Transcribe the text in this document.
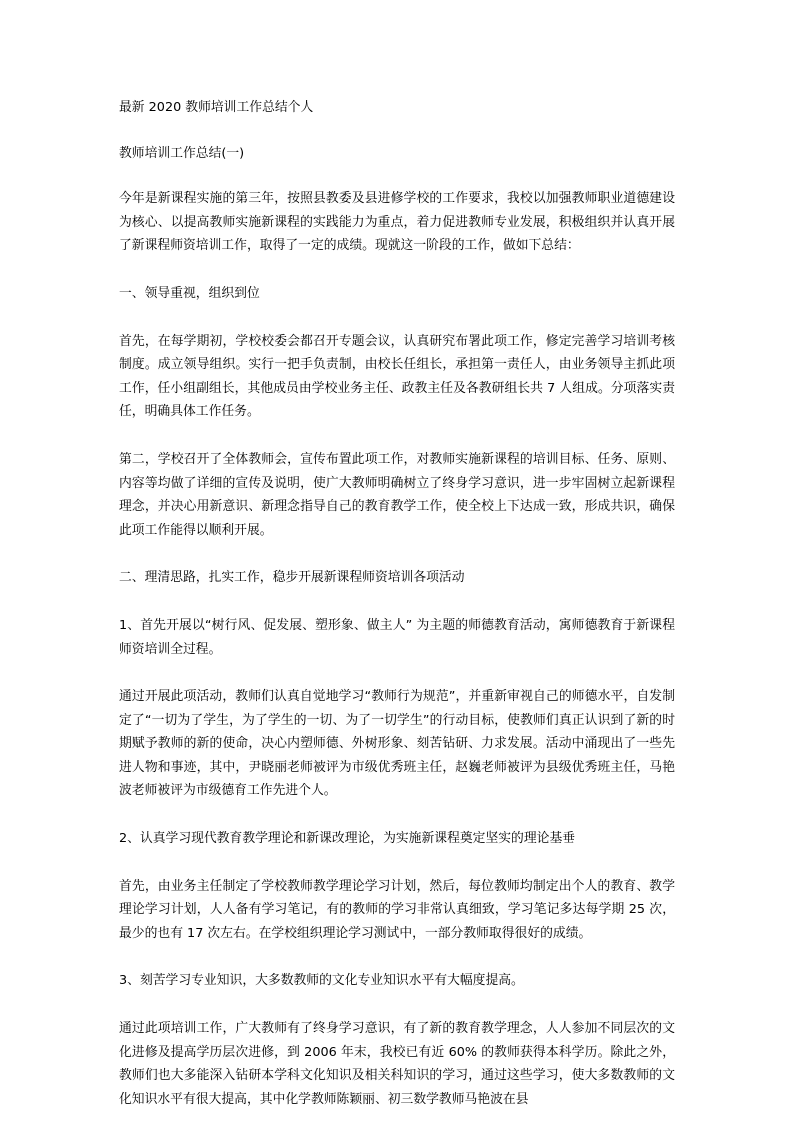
最新 2020 教师培训工作总结个人

教师培训工作总结(一)

今年是新课程实施的第三年，按照县教委及县进修学校的工作要求，我校以加强教师职业道德建设为核心、以提高教师实施新课程的实践能力为重点，着力促进教师专业发展，积极组织并认真开展了新课程师资培训工作，取得了一定的成绩。现就这一阶段的工作，做如下总结：

一、领导重视，组织到位

首先，在每学期初，学校校委会都召开专题会议，认真研究布署此项工作，修定完善学习培训考核制度。成立领导组织。实行一把手负责制，由校长任组长，承担第一责任人，由业务领导主抓此项工作，任小组副组长，其他成员由学校业务主任、政教主任及各教研组长共 7 人组成。分项落实责任，明确具体工作任务。

第二，学校召开了全体教师会，宣传布置此项工作，对教师实施新课程的培训目标、任务、原则、内容等均做了详细的宣传及说明，使广大教师明确树立了终身学习意识，进一步牢固树立起新课程理念，并决心用新意识、新理念指导自己的教育教学工作，使全校上下达成一致，形成共识，确保此项工作能得以顺利开展。

二、理清思路，扎实工作，稳步开展新课程师资培训各项活动

1、首先开展以“树行风、促发展、塑形象、做主人” 为主题的师德教育活动，寓师德教育于新课程师资培训全过程。

通过开展此项活动，教师们认真自觉地学习“教师行为规范”，并重新审视自己的师德水平，自发制定了“一切为了学生，为了学生的一切、为了一切学生”的行动目标，使教师们真正认识到了新的时期赋予教师的新的使命，决心内塑师德、外树形象、刻苦钻研、力求发展。活动中涌现出了一些先进人物和事迹，其中，尹晓丽老师被评为市级优秀班主任，赵巍老师被评为县级优秀班主任，马艳波老师被评为市级德育工作先进个人。

2、认真学习现代教育教学理论和新课改理论，为实施新课程奠定坚实的理论基垂

首先，由业务主任制定了学校教师教学理论学习计划，然后，每位教师均制定出个人的教育、教学理论学习计划，人人备有学习笔记，有的教师的学习非常认真细致，学习笔记多达每学期 25 次，最少的也有 17 次左右。在学校组织理论学习测试中，一部分教师取得很好的成绩。

3、刻苦学习专业知识，大多数教师的文化专业知识水平有大幅度提高。

通过此项培训工作，广大教师有了终身学习意识，有了新的教育教学理念，人人参加不同层次的文化进修及提高学历层次进修，到 2006 年末，我校已有近 60% 的教师获得本科学历。除此之外，教师们也大多能深入钻研本学科文化知识及相关科知识的学习，通过这些学习，使大多数教师的文化知识水平有很大提高，其中化学教师陈颖丽、初三数学教师马艳波在县
